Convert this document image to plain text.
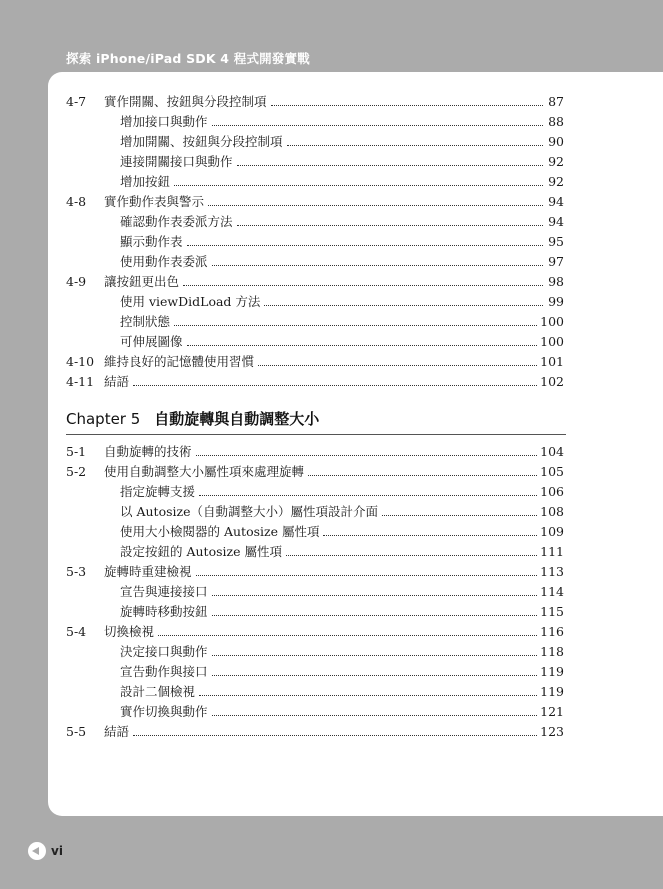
探索 iPhone/iPad SDK 4 程式開發實戰
4-7	實作開關、按鈕與分段控制項	87
增加接口與動作	88
增加開關、按鈕與分段控制項	90
連接開關接口與動作	92
增加按鈕	92
4-8	實作動作表與警示	94
確認動作表委派方法	94
顯示動作表	95
使用動作表委派	97
4-9	讓按鈕更出色	98
使用 viewDidLoad 方法	99
控制狀態	100
可伸展圖像	100
4-10 維持良好的記憶體使用習慣	101
4-11 結語	102
Chapter 5 自動旋轉與自動調整大小
5-1	自動旋轉的技術	104
5-2	使用自動調整大小屬性項來處理旋轉	105
指定旋轉支援	106
以 Autosize（自動調整大小）屬性項設計介面	108
使用大小檢閱器的 Autosize 屬性項	109
設定按鈕的 Autosize 屬性項	111
5-3	旋轉時重建檢視	113
宣告與連接接口	114
旋轉時移動按鈕	115
5-4	切換檢視	116
決定接口與動作	118
宣告動作與接口	119
設計二個檢視	119
實作切換與動作	121
5-5	結語	123
vi
